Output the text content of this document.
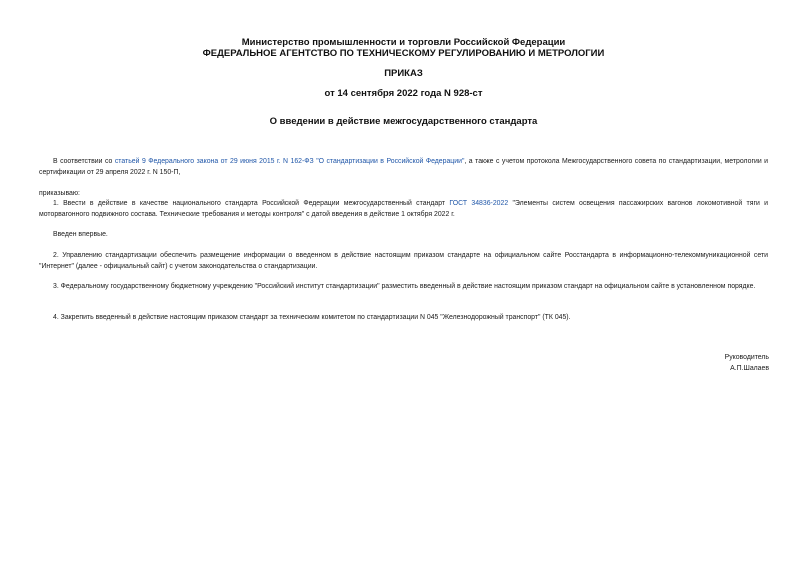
Министерство промышленности и торговли Российской Федерации
ФЕДЕРАЛЬНОЕ АГЕНТСТВО ПО ТЕХНИЧЕСКОМУ РЕГУЛИРОВАНИЮ И МЕТРОЛОГИИ
ПРИКАЗ
от 14 сентября 2022 года N 928-ст
О введении в действие межгосударственного стандарта
В соответствии со статьей 9 Федерального закона от 29 июня 2015 г. N 162-ФЗ "О стандартизации в Российской Федерации", а также с учетом протокола Межгосударственного совета по стандартизации, метрологии и сертификации от 29 апреля 2022 г. N 150-П,
приказываю:
1. Ввести в действие в качестве национального стандарта Российской Федерации межгосударственный стандарт ГОСТ 34836-2022 "Элементы систем освещения пассажирских вагонов локомотивной тяги и моторвагонного подвижного состава. Технические требования и методы контроля" с датой введения в действие 1 октября 2022 г.
Введен впервые.
2. Управлению стандартизации обеспечить размещение информации о введенном в действие настоящим приказом стандарте на официальном сайте Росстандарта в информационно-телекоммуникационной сети "Интернет" (далее - официальный сайт) с учетом законодательства о стандартизации.
3. Федеральному государственному бюджетному учреждению "Российский институт стандартизации" разместить введенный в действие настоящим приказом стандарт на официальном сайте в установленном порядке.
4. Закрепить введенный в действие настоящим приказом стандарт за техническим комитетом по стандартизации N 045 "Железнодорожный транспорт" (ТК 045).
Руководитель
А.П.Шалаев
